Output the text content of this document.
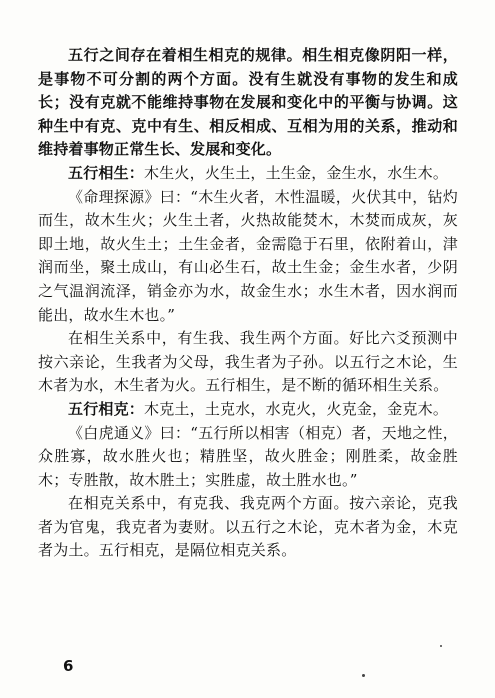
五行之间存在着相生相克的规律。相生相克像阴阳一样，是事物不可分割的两个方面。没有生就没有事物的发生和成长；没有克就不能维持事物在发展和变化中的平衡与协调。这种生中有克、克中有生、相反相成、互相为用的关系，推动和维持着事物正常生长、发展和变化。

五行相生：木生火，火生土，土生金，金生水，水生木。

《命理探源》曰：“木生火者，木性温暖，火伏其中，钻灼而生，故木生火；火生土者，火热故能焚木，木焚而成灰，灰即土地，故火生土；土生金者，金需隐于石里，依附着山，津润而坐，聚土成山，有山必生石，故土生金；金生水者，少阴之气温润流泽，销金亦为水，故金生水；水生木者，因水润而能出，故水生木也。”

在相生关系中，有生我、我生两个方面。好比六爻预测中按六亲论，生我者为父母，我生者为子孙。以五行之木论，生木者为水，木生者为火。五行相生，是不断的循环相生关系。

五行相克：木克土，土克水，水克火，火克金，金克木。

《白虎通义》曰：“五行所以相害（相克）者，天地之性，众胜寡，故水胜火也；精胜坚，故火胜金；刚胜柔，故金胜木；专胜散，故木胜土；实胜虚，故土胜水也。”

在相克关系中，有克我、我克两个方面。按六亲论，克我者为官鬼，我克者为妻财。以五行之木论，克木者为金，木克者为土。五行相克，是隔位相克关系。

6
